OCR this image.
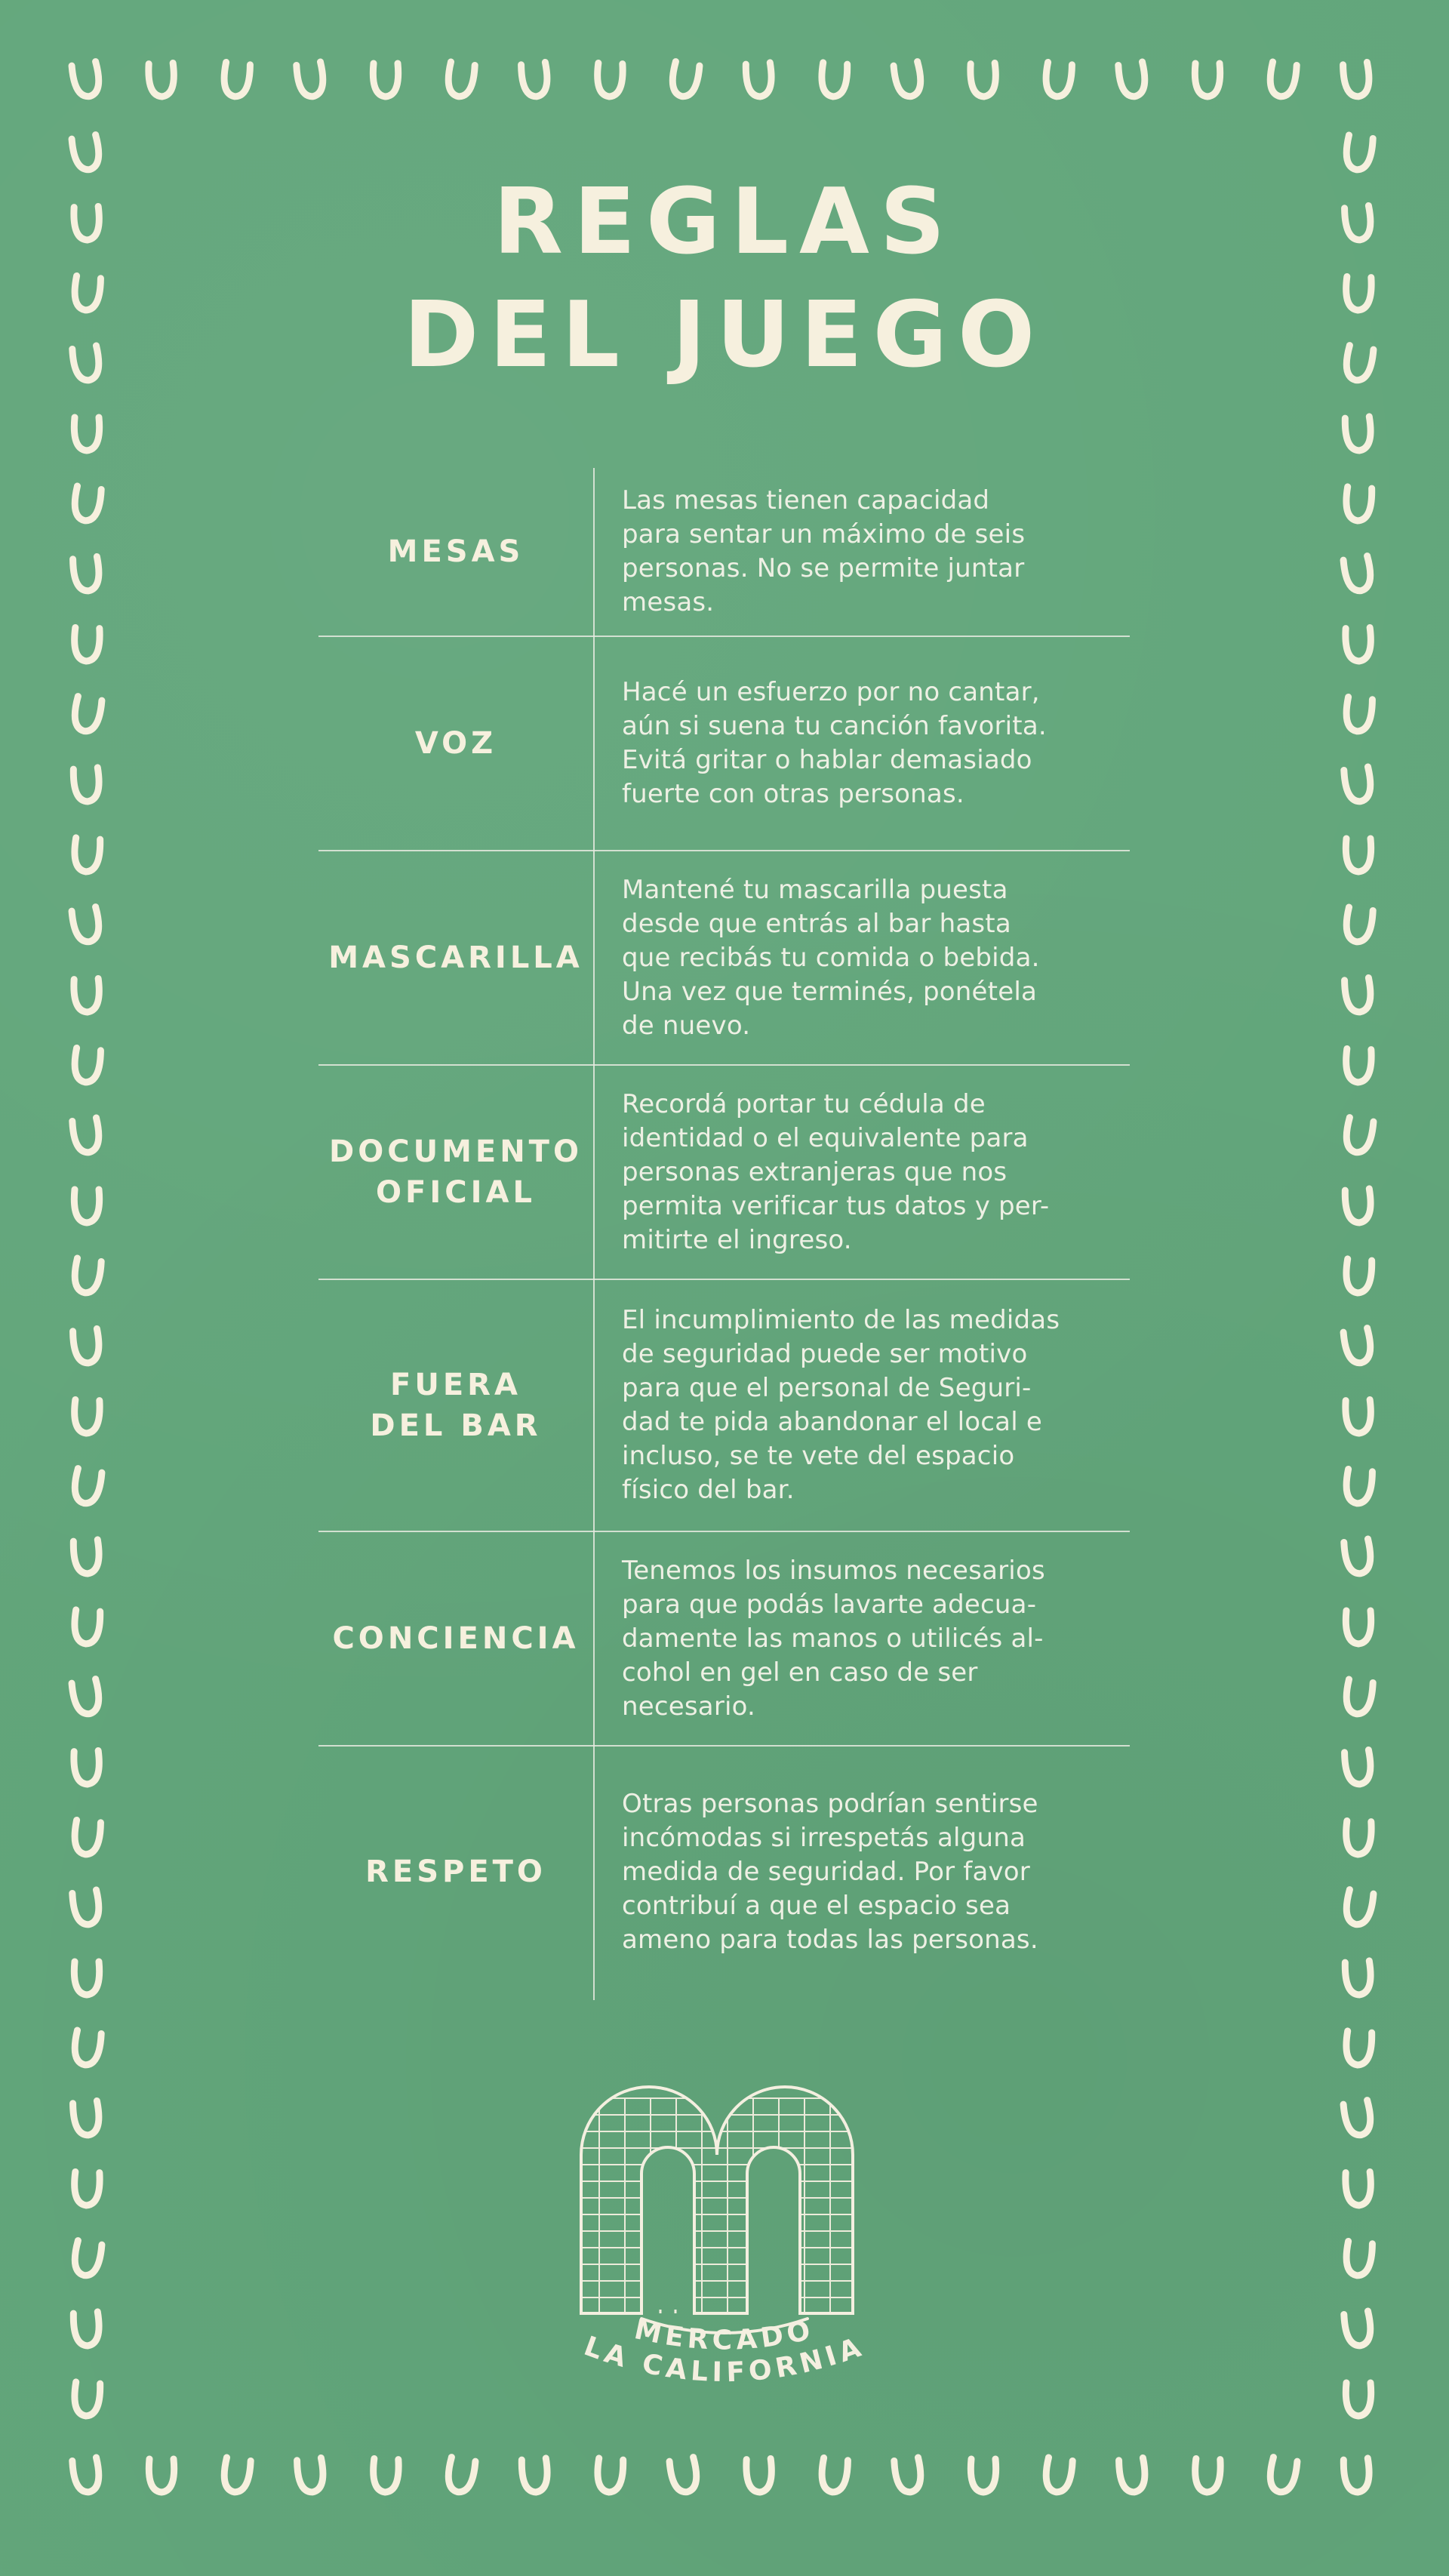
REGLAS
DEL JUEGO
MESAS
Las mesas tienen capacidad
para sentar un máximo de seis
personas. No se permite juntar
mesas.
VOZ
Hacé un esfuerzo por no cantar,
aún si suena tu canción favorita.
Evitá gritar o hablar demasiado
fuerte con otras personas.
MASCARILLA
Mantené tu mascarilla puesta
desde que entrás al bar hasta
que recibás tu comida o bebida.
Una vez que terminés, ponétela
de nuevo.
DOCUMENTO
OFICIAL
Recordá portar tu cédula de
identidad o el equivalente para
personas extranjeras que nos
permita verificar tus datos y per-
mitirte el ingreso.
FUERA
DEL BAR
El incumplimiento de las medidas
de seguridad puede ser motivo
para que el personal de Seguri-
dad te pida abandonar el local e
incluso, se te vete del espacio
físico del bar.
CONCIENCIA
Tenemos los insumos necesarios
para que podás lavarte adecua-
damente las manos o utilicés al-
cohol en gel en caso de ser
necesario.
RESPETO
Otras personas podrían sentirse
incómodas si irrespetás alguna
medida de seguridad. Por favor
contribuí a que el espacio sea
ameno para todas las personas.
MERCADO
LA CALIFORNIA
